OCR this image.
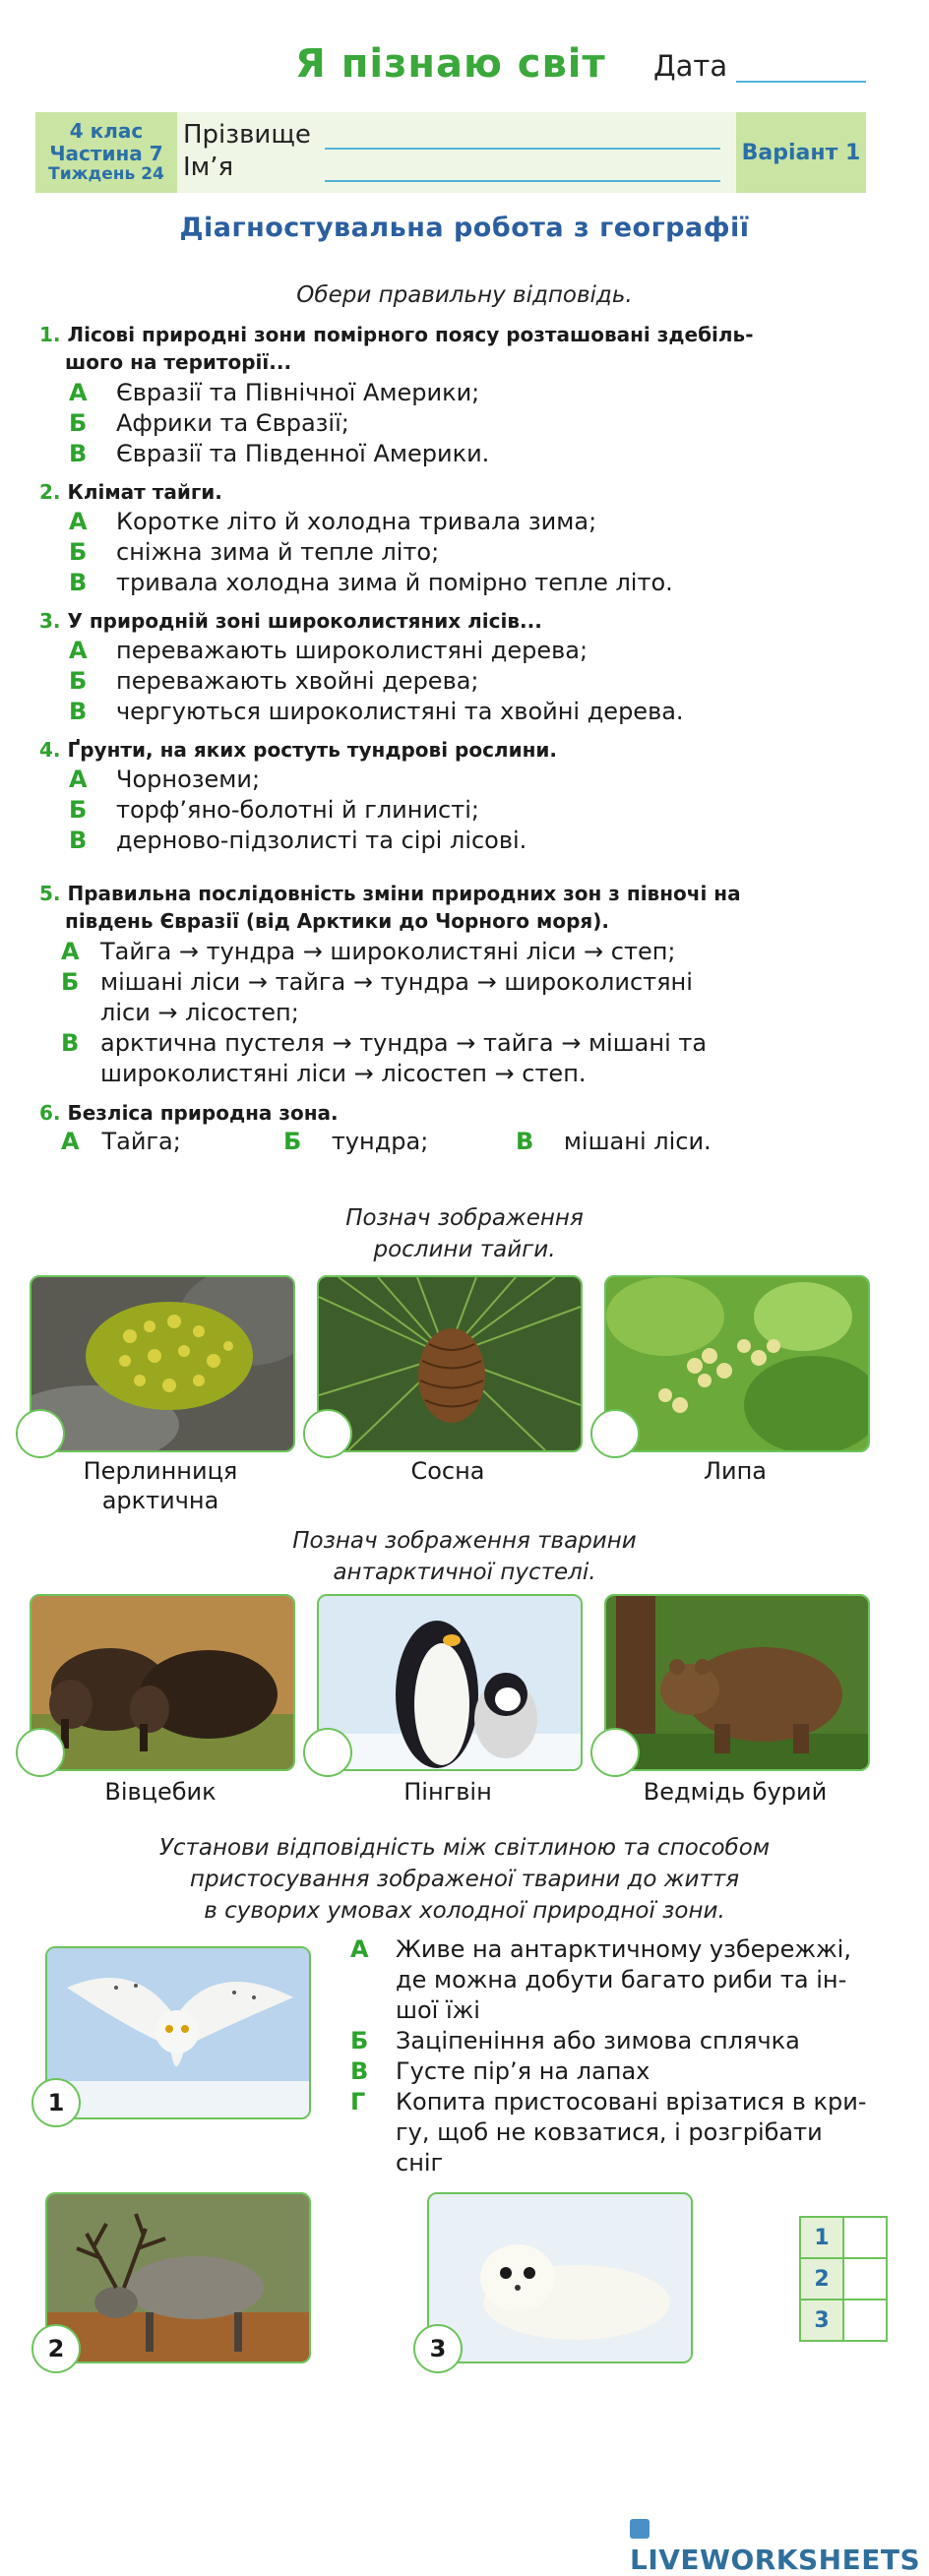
Я пізнаю світ Дата
4 клас
Частина 7
Тиждень 24
Прізвище
Ім’я	Варіант 1
Діагностувальна робота з географії
Обери правильну відповідь.
1. Лісові природні зони помірного поясу розташовані здебіль-
шого на території...
А Євразії та Північної Америки;
Б Африки та Євразії;
В Євразії та Південної Америки.
2. Клімат тайги.
А Коротке літо й холодна тривала зима;
Б сніжна зима й тепле літо;
В тривала холодна зима й помірно тепле літо.
3. У природній зоні широколистяних лісів...
А переважають широколистяні дерева;
Б переважають хвойні дерева;
В чергуються широколистяні та хвойні дерева.
4. Ґрунти, на яких ростуть тундрові рослини.
А Чорноземи;
Б торф’яно-болотні й глинисті;
В дерново-підзолисті та сірі лісові.
5. Правильна послідовність зміни природних зон з півночі на
південь Євразії (від Арктики до Чорного моря).
А Тайга → тундра → широколистяні ліси → степ;
Б мішані ліси → тайга → тундра → широколистяні
ліси → лісостеп;
В арктична пустеля → тундра → тайга → мішані та
широколистяні ліси → лісостеп → степ.
6. Безліса природна зона.
А Тайга;	Б тундра;	В мішані ліси.
Познач зображення
рослини тайги.
Перлинниця
арктична
Сосна	Липа
Познач зображення тварини
антарктичної пустелі.
Вівцебик	Пінгвін	Ведмідь бурий
Установи відповідність між світлиною та способом
пристосування зображеної тварини до життя
в суворих умовах холодної природної зони.
1
А Живе на антарктичному узбережжі,
де можна добути багато риби та ін-
шої їжі
Б Заціпеніння або зимова сплячка
В Густе пір’я на лапах
Г Копита пристосовані врізатися в кри-
гу, щоб не ковзатися, і розгрібати
сніг
2	3
1	
2	
3	
LIVEWORKSHEETS
